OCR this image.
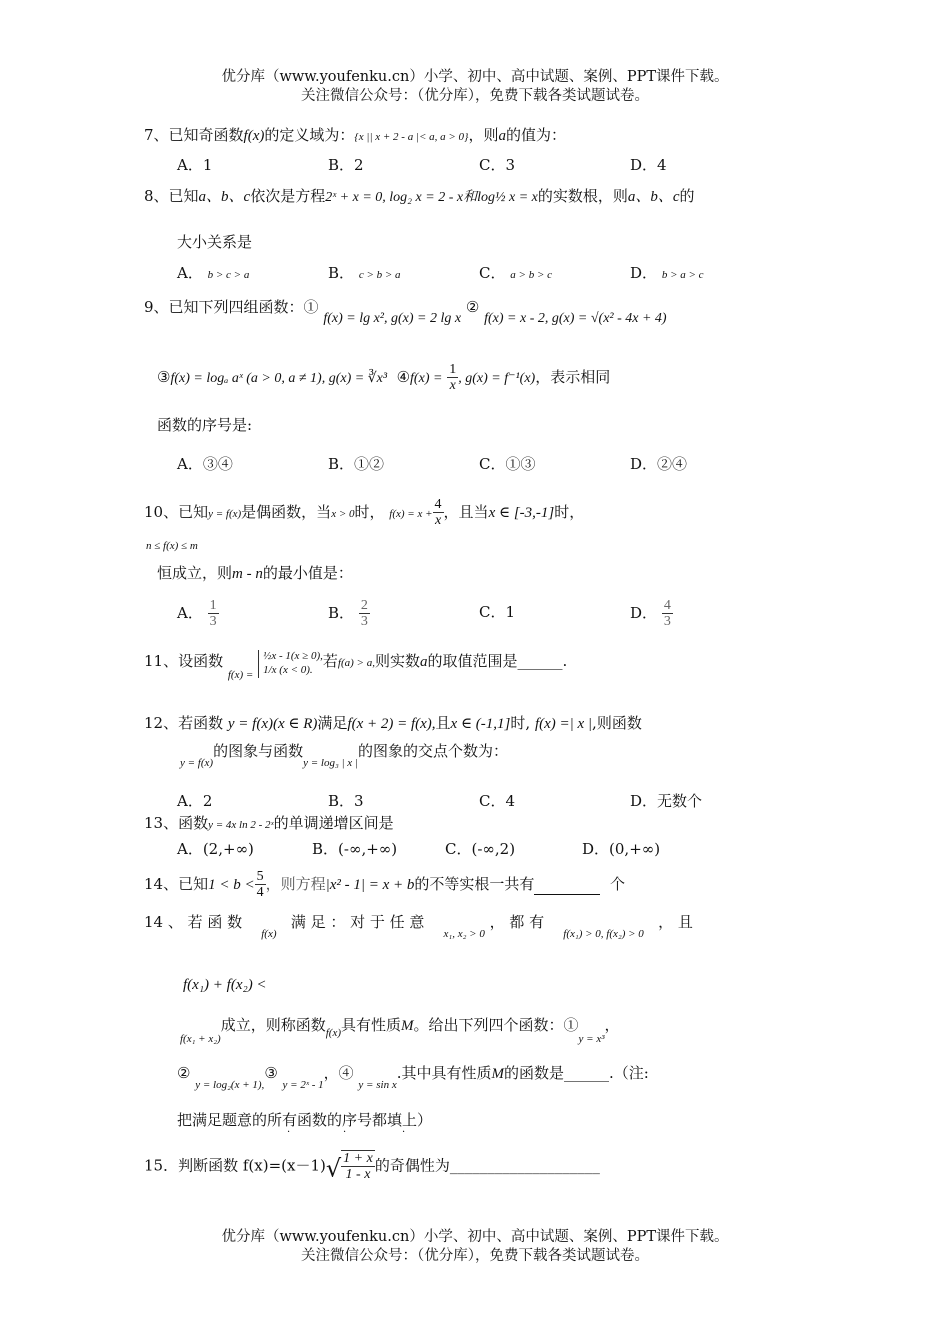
优分库（www.youfenku.cn）小学、初中、高中试题、案例、PPT课件下载。
关注微信公众号：（优分库），免费下载各类试题试卷。
7、已知奇函数f(x)的定义域为：{x || x + 2 - a |< a, a > 0}，则a的值为：
A．1	B．2	C．3	D．4
8、已知a、b、c依次是方程2ˣ + x = 0, log₂ x = 2 - x和log½ x = x的实数根，则a、b、c的
大小关系是
A． b > c > a	B． c > b > a	C． a > b > c	D． b > a > c
9、已知下列四组函数：① f(x) = lg x², g(x) = 2 lg x ② f(x) = x - 2, g(x) = √(x² - 4x + 4)
③f(x) = logₐ aˣ (a > 0, a ≠ 1), g(x) = ∛x³ ④f(x) = $\frac{1}{x}$ , g(x) = f⁻¹(x)，表示相同
函数的序号是:
A．③④	B．①②	C．①③	D．②④
10、已知y = f(x)是偶函数，当x > 0时， $f(x) = x + \frac{4}{x}$ ，且当x ∈ [-3,-1]时，
n ≤ f(x) ≤ m
恒成立，则m - n的最小值是：
A． $\frac{1}{3}$	B． $\frac{2}{3}$	C．1	D． $\frac{4}{3}$
11、设函数 $_{f(x) =}$
½x - 1(x ≥ 0),
1/x (x < 0). 若f(a) > a,则实数a的取值范围是______.
12、若函数 y = f(x)(x ∈ R)满足f(x + 2) = f(x),且x ∈ (-1,1]时, f(x) =| x |,则函数
$_{y = f(x)}$的图象与函数$_{y = log_3 | x |}$的图象的交点个数为：
A．2	B．3	C．4	D．无数个
13、函数y = 4x ln 2 - 2ˣ的单调递增区间是
A．(2,+∞)	B．(-∞,+∞)	C．(-∞,2)	D．(0,+∞)
14、已知$1 < b < \frac{5}{4}$ ，则方程|x² - 1| = x + b的不等实根一共有	个
14 、 若 函 数    $_{f(x)}$   满 足 ： 对 于 任 意    $_{x_1, x_2 > 0}$ ， 都 有    $_{f(x_1) > 0, f(x_2) > 0}$   ， 且
f(x₁) + f(x₂) <
$_{f(x_1 + x_2)}$成立，则称函数$_{f(x)}$具有性质M。给出下列四个函数：$①_{y = x^3}$，
② $_{y = log_2(x + 1),}$③ $_{y = 2ˣ - 1}$，④ $_{y = sin x}$.其中具有性质M的函数是______.（注:
把满足题意的所有函数的序号都填上）
·	·	·
15．判断函数 $f(x)=(x-1)√ \frac{1 + x}{1 - x}$ 的奇偶性为____________________
优分库（www.youfenku.cn）小学、初中、高中试题、案例、PPT课件下载。
关注微信公众号：（优分库），免费下载各类试题试卷。
